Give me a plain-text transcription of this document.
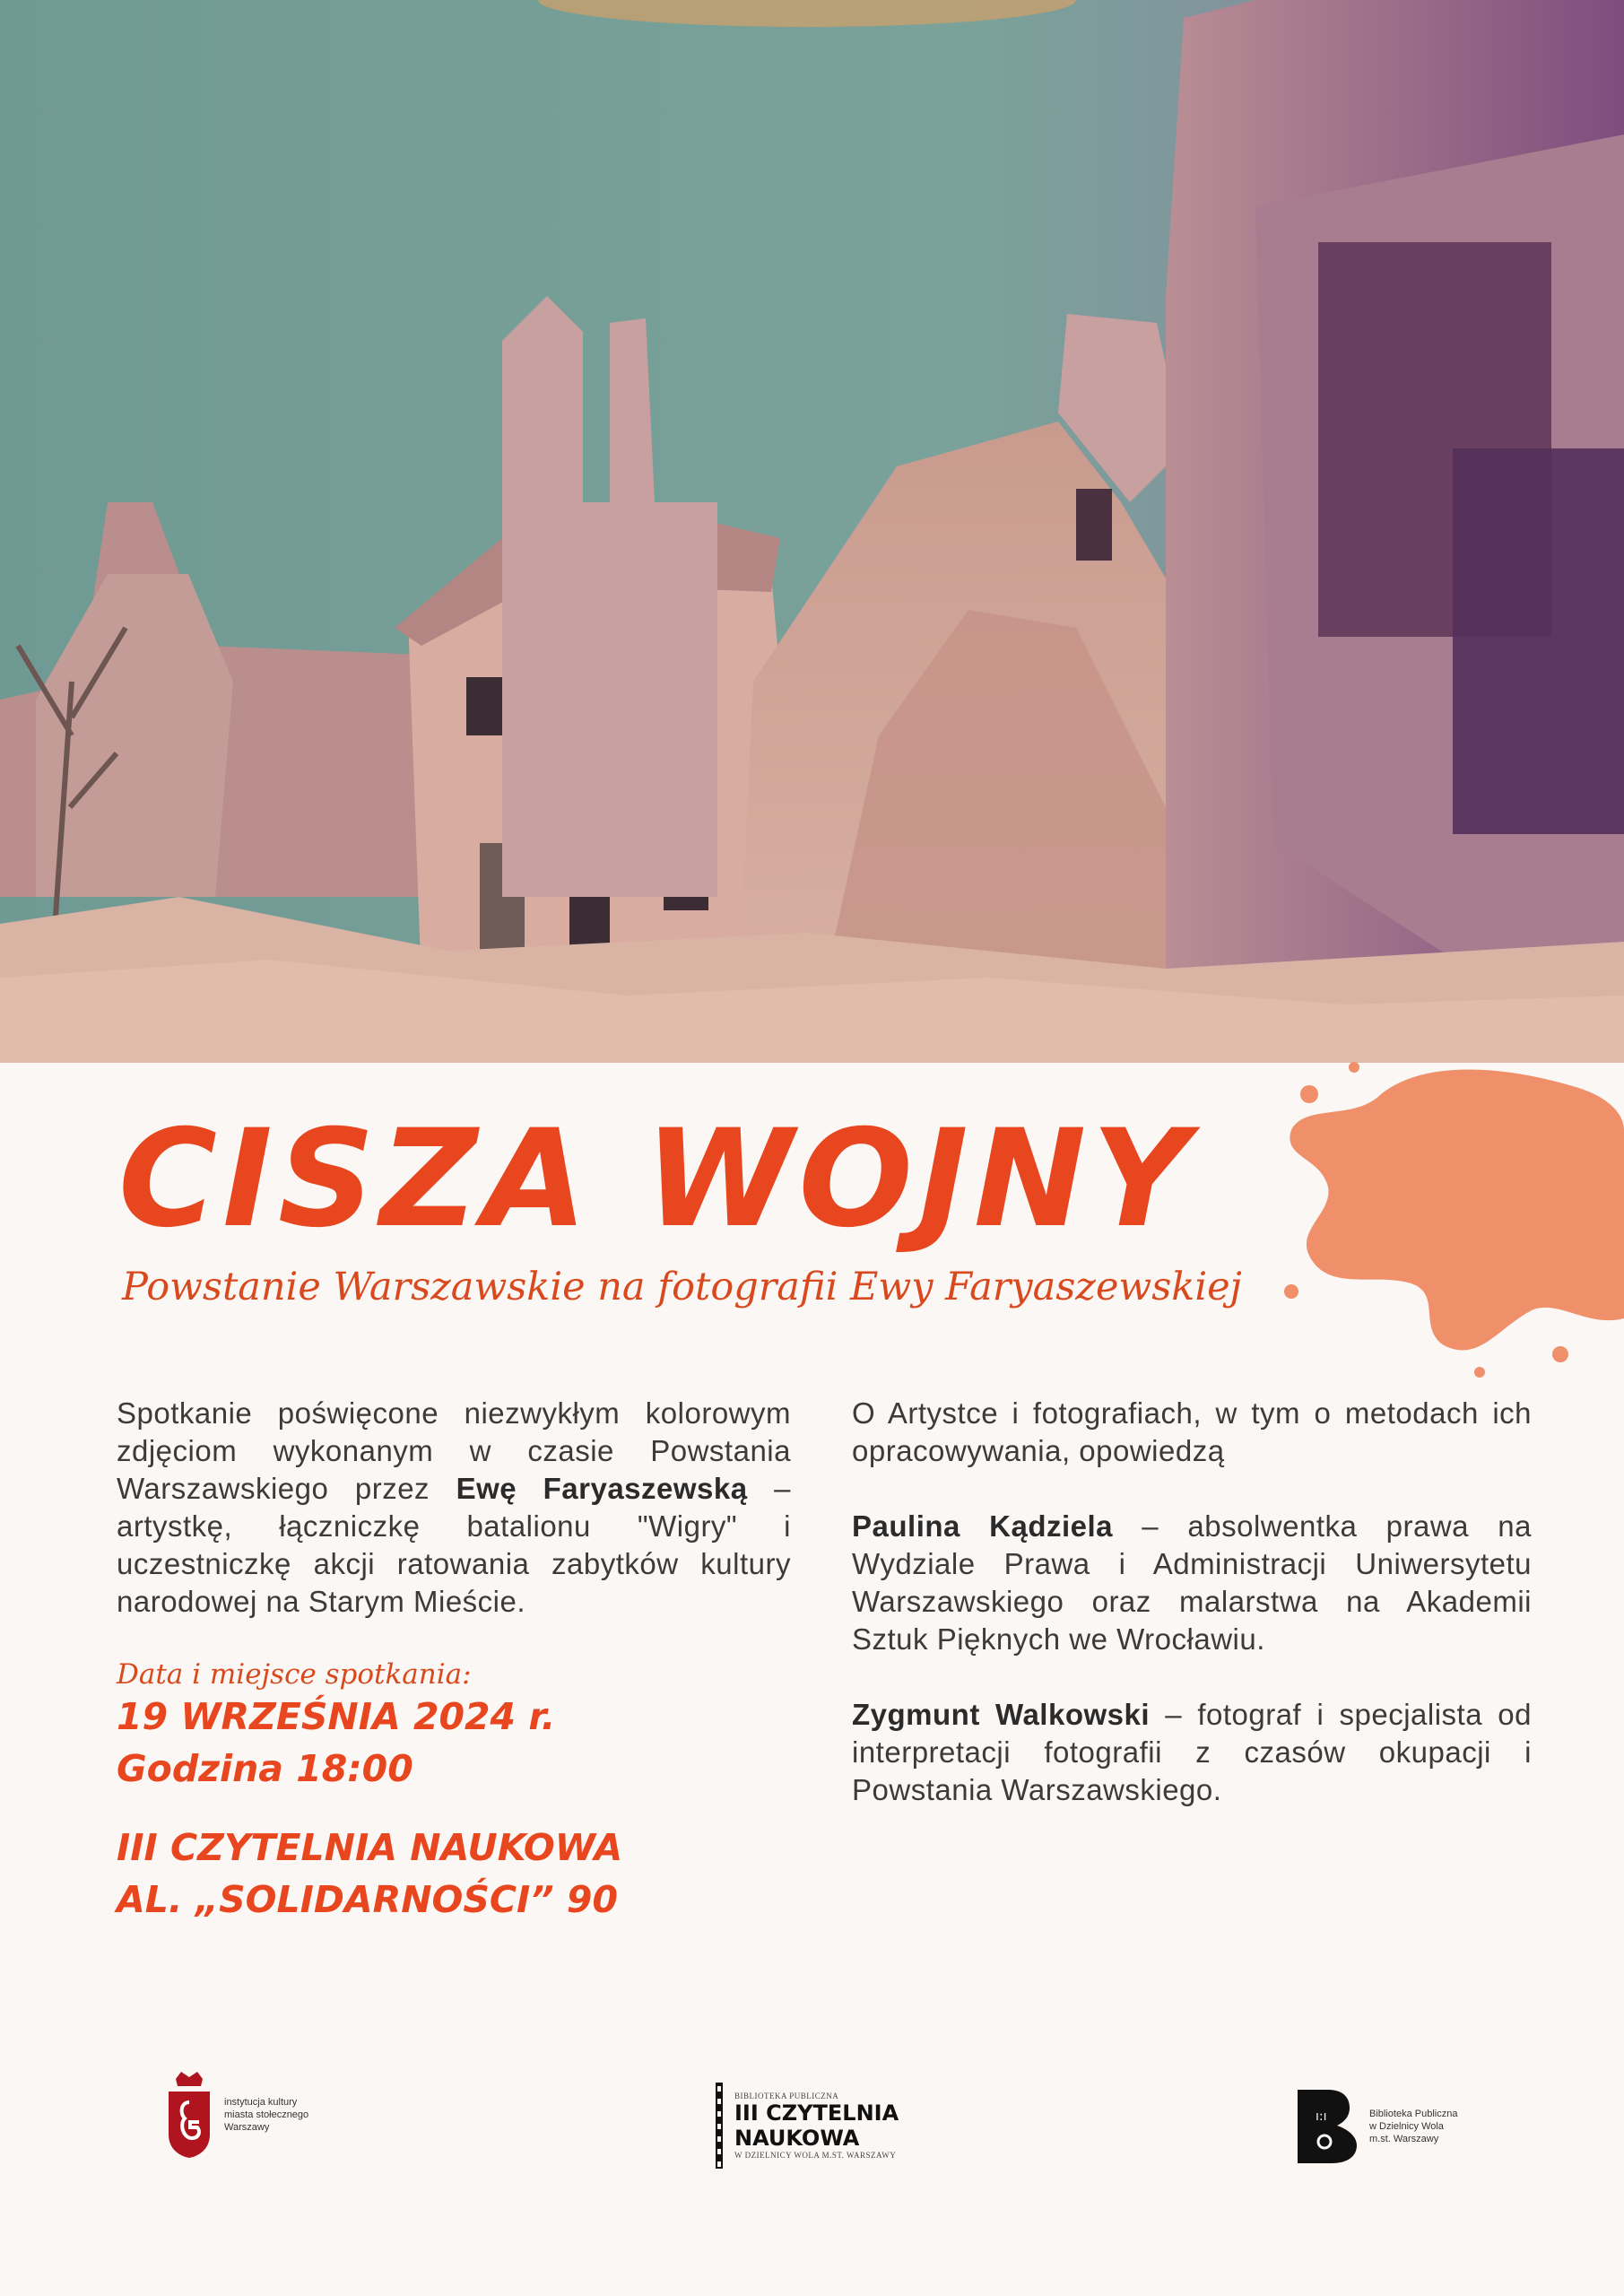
CISZA WOJNY
Powstanie Warszawskie na fotografii Ewy Faryaszewskiej

Spotkanie poświęcone niezwykłym kolorowym zdjęciom wykonanym w czasie Powstania Warszawskiego przez Ewę Faryaszewską – artystkę, łączniczkę batalionu "Wigry" i uczestniczkę akcji ratowania zabytków kultury narodowej na Starym Mieście.

Data i miejsce spotkania:
19 WRZEŚNIA 2024 r.
Godzina 18:00
III CZYTELNIA NAUKOWA
AL. „SOLIDARNOŚCI” 90

O Artystce i fotografiach, w tym o metodach ich opracowywania, opowiedzą

Paulina Kądziela – absolwentka prawa na Wydziale Prawa i Administracji Uniwersytetu Warszawskiego oraz malarstwa na Akademii Sztuk Pięknych we Wrocławiu.

Zygmunt Walkowski – fotograf i specjalista od interpretacji fotografii z czasów okupacji i Powstania Warszawskiego.

instytucja kultury
miasta stołecznego
Warszawy
BIBLIOTEKA PUBLICZNA
III CZYTELNIA
NAUKOWA
W DZIELNICY WOLA M.ST. WARSZAWY
ı:ı	Biblioteka Publiczna
w Dzielnicy Wola
m.st. Warszawy
